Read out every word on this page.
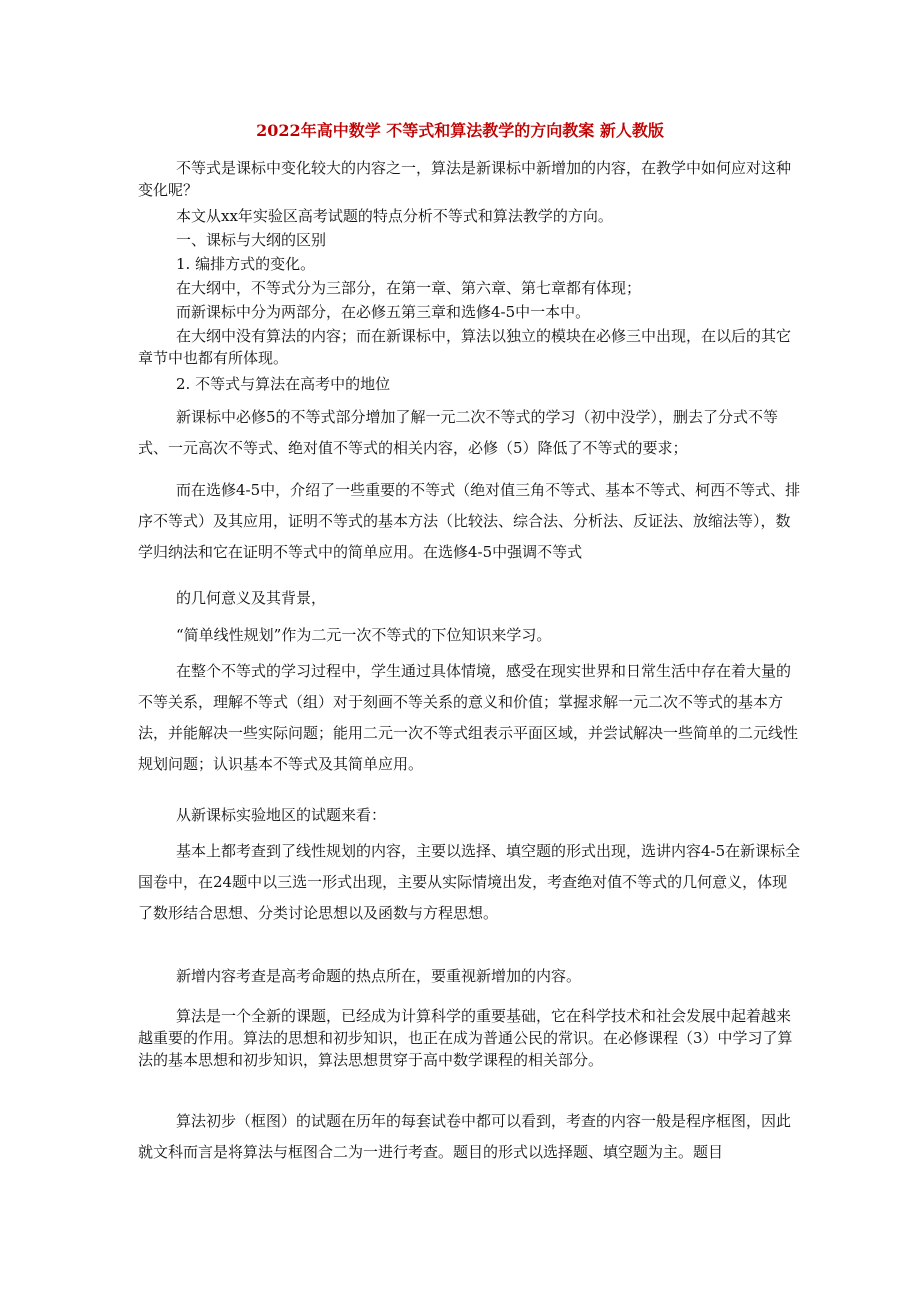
2022年高中数学 不等式和算法教学的方向教案 新人教版

不等式是课标中变化较大的内容之一，算法是新课标中新增加的内容，在教学中如何应对这种变化呢？

本文从xx年实验区高考试题的特点分析不等式和算法教学的方向。

一、课标与大纲的区别

1. 编排方式的变化。

在大纲中，不等式分为三部分，在第一章、第六章、第七章都有体现；

而新课标中分为两部分，在必修五第三章和选修4-5中一本中。

在大纲中没有算法的内容；而在新课标中，算法以独立的模块在必修三中出现，在以后的其它章节中也都有所体现。

2. 不等式与算法在高考中的地位

新课标中必修5的不等式部分增加了解一元二次不等式的学习（初中没学），删去了分式不等式、一元高次不等式、绝对值不等式的相关内容，必修（5）降低了不等式的要求；

而在选修4-5中，介绍了一些重要的不等式（绝对值三角不等式、基本不等式、柯西不等式、排序不等式）及其应用，证明不等式的基本方法（比较法、综合法、分析法、反证法、放缩法等），数学归纳法和它在证明不等式中的简单应用。在选修4-5中强调不等式

的几何意义及其背景，

“简单线性规划”作为二元一次不等式的下位知识来学习。

在整个不等式的学习过程中，学生通过具体情境，感受在现实世界和日常生活中存在着大量的不等关系，理解不等式（组）对于刻画不等关系的意义和价值；掌握求解一元二次不等式的基本方法，并能解决一些实际问题；能用二元一次不等式组表示平面区域，并尝试解决一些简单的二元线性规划问题；认识基本不等式及其简单应用。

从新课标实验地区的试题来看：

基本上都考查到了线性规划的内容，主要以选择、填空题的形式出现，选讲内容4-5在新课标全国卷中，在24题中以三选一形式出现，主要从实际情境出发，考查绝对值不等式的几何意义，体现了数形结合思想、分类讨论思想以及函数与方程思想。

新增内容考查是高考命题的热点所在，要重视新增加的内容。

算法是一个全新的课题，已经成为计算科学的重要基础，它在科学技术和社会发展中起着越来越重要的作用。算法的思想和初步知识，也正在成为普通公民的常识。在必修课程（3）中学习了算法的基本思想和初步知识，算法思想贯穿于高中数学课程的相关部分。

算法初步（框图）的试题在历年的每套试卷中都可以看到，考查的内容一般是程序框图，因此就文科而言是将算法与框图合二为一进行考查。题目的形式以选择题、填空题为主。题目
